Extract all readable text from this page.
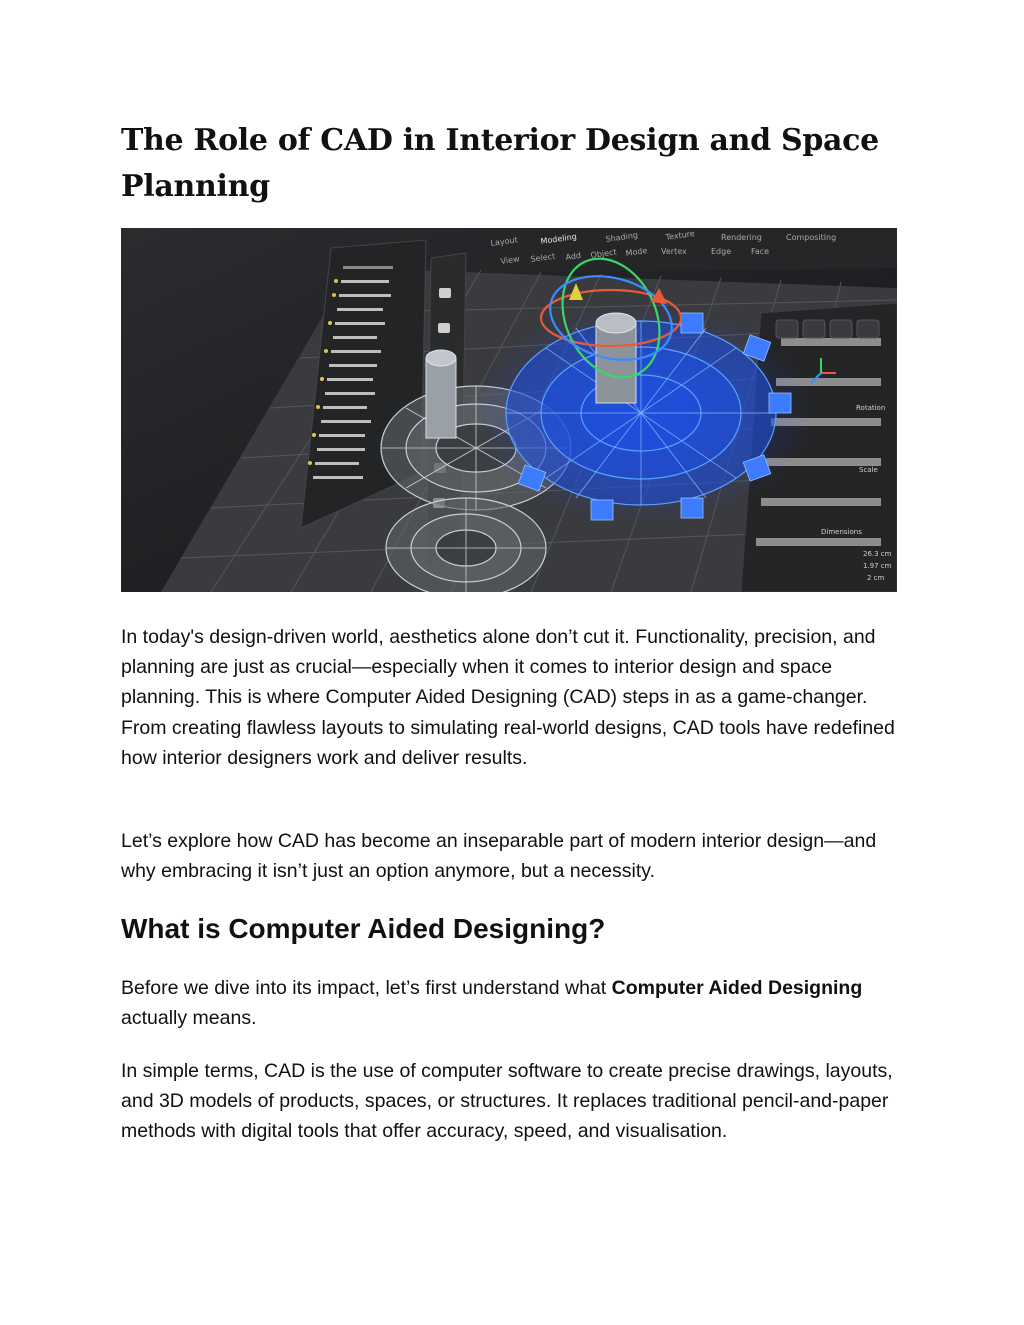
The Role of CAD in Interior Design and Space Planning
Layout	Modeling	Shading	Texture	Rendering	Compositing
View Select Add Object Mode Vertex	Edge Face
Rotation
Scale
Dimensions
26.3 cm
1.97 cm
2 cm

In today's design-driven world, aesthetics alone don’t cut it. Functionality, precision, and planning are just as crucial—especially when it comes to interior design and space planning. This is where Computer Aided Designing (CAD) steps in as a game-changer. From creating flawless layouts to simulating real-world designs, CAD tools have redefined how interior designers work and deliver results.

Let’s explore how CAD has become an inseparable part of modern interior design—and why embracing it isn’t just an option anymore, but a necessity.

What is Computer Aided Designing?

Before we dive into its impact, let’s first understand what Computer Aided Designing actually means.

In simple terms, CAD is the use of computer software to create precise drawings, layouts, and 3D models of products, spaces, or structures. It replaces traditional pencil-and-paper methods with digital tools that offer accuracy, speed, and visualisation.
